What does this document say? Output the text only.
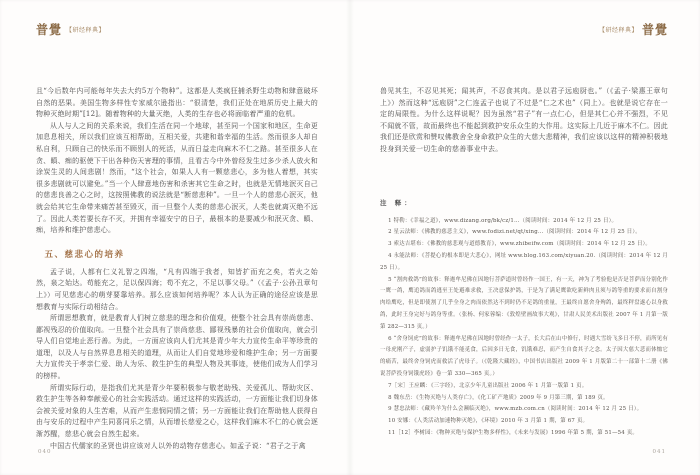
普覺 【研经释典】

且“今后数年内可能每年失去大约5万个物种”。这都是人类疯狂捕杀野生动物和肆意破坏自然的恶果。美国生物多样性专家威尔逊指出：“很清楚，我们正处在地质历史上最大的物种灭绝时期”[12]。随着物种的大量灭绝，人类的生存也必将面临着严重的危机。

从人与人之间的关系来说，我们生活在同一个地球，甚至同一个国家和地区，生命更加息息相关，所以我们应该互相帮助，互相关爱，共建和谐幸福的生活。然而很多人却自私自利，只顾自己的快乐而不顾别人的死活，从而日益走向麻木不仁之路。甚至很多人在贪、瞋、痴的驱使下干出各种伤天害理的事情，且看古今中外曾经发生过多少杀人放火和涂炭生灵的人间悲剧！然而，“这个社会，如果人人有一颗慈悲心，多为他人着想，其实很多悲剧就可以避免。”当一个人肆意地伤害和杀害其它生命之时，也就是无情地泯灭自己的慈悲良善之心之时，这按照佛教的说法就是“断慈悲种”。一旦一个人的慈悲心泯灭，他就会给其它生命带来痛苦甚至毁灭，而一旦整个人类的慈悲心泯灭，人类也就离灭绝不远了。因此人类若要长存不灭，并拥有幸福安宁的日子，最根本的是要减少和泯灭贪、瞋、痴，培养和维护慈悲心。

五、慈悲心的培养

孟子说，人都有仁义礼智之四端，“凡有四端于我者，知皆扩而充之矣，若火之始然，泉之始达。苟能充之，足以保四海；苟不充之，不足以事父母。”（《孟子·公孙丑章句上》）可见慈悲心的萌芽要靠培养。那么应该如何培养呢？本人认为正确的途径应该是思想教育与实际行动相结合。

所谓思想教育，就是教育人们树立慈悲的理念和价值观，使整个社会具有崇尚慈悲、鄙视残忍的价值取向。一旦整个社会具有了崇尚慈悲、鄙视残暴的社会价值取向，就会引导人们自觉地止恶行善。为此，一方面应该向人们尤其是青少年大力宣传生命平等珍贵的道理，以及人与自然界息息相关的道理，从而让人们自觉地珍爱和维护生命；另一方面要大力宣传关于孝亲仁爱、助人为乐、救生护生的典型人物及其事迹，使他们成为人们学习的榜样。

所谓实际行动，是指我们尤其是青少年要积极参与敬老助残、关爱孤儿、帮助灾区、救生护生等各种奉献爱心的社会实践活动。通过这样的实践活动，一方面能让我们切身体会被关爱对象的人生苦难，从而产生悲悯同情之情；另一方面能让我们在帮助他人获得自由与安乐的过程中产生同喜同乐之情，从而增长慈爱之心，这样我们麻木不仁的心就会逐渐苏醒，慈悲心就会自然生起来。

中国古代儒家的圣贤也讲应该对人以外的动物存慈悲心。如孟子说：“君子之于禽

040
【研经释典】 普覺

兽见其生，不忍见其死；闻其声，不忍食其肉。是以君子远庖厨也。”（《孟子·梁惠王章句上》）然而这种“远庖厨”之仁连孟子也说了不过是“仁之术也”（同上）。也就是说它存在一定的局限性。为什么这样说呢？因为虽然“君子”有一点仁心，但是其仁心并不强烈，不见不闻就不管，故而最终也不能起到救护安乐众生的大作用。这实际上几近于麻木不仁。因此我们还是欣赏和赞叹佛教舍全身命救护众生的大慈大悲精神，我们应该以这样的精神积极地投身到关爱一切生命的慈善事业中去。

注 释：

1 特勒：《幸福之道》，www.dizang.org/bk/cz/1…（阅读时间：2014 年 12 月 25 日）。

2 星云法师：《佛教的慈悲主义》，www.fodizi.net/qt/xing…（阅读时间：2014 年 12 月 25 日）。

3 索达吉堪布：《佛教的慈悲观与道德教育》，www.zhibeifw.com（阅读时间：2014 年 12 月 25 日）。

4 永能法师：《菩提心的根本即是大悲心》，网址 www.blog.163.com/xiyuan.20.（阅读时间：2014 年 12 月 25 日）。

5 “割肉救鸽”的故事：释迦牟尼佛在因地行菩萨道时曾经作一国王，有一天，神为了考验他是否是菩萨而分别化作一鹰一鸽，鹰追鸽而鸽逃至王处避难求救，王决意保护鸽，于是为了满足鹰欲吃新鲜肉且须与鸽等重的要求而自割身肉给鹰吃，但是即使割了几乎全身之肉而依然达不到时仍不足鸽的重量，王最终自愿舍身殉鸽，最终秤盘遂心以身救鸽，此时王身完好与鸽身等重。（张杨、何家蓉编：《敦煌壁画故事大观》，甘肃人民美术出版社 2007 年 1 月第一版第 282—315 页。）

6 “舍身饲虎”的故事：释迦牟尼佛在因地时曾经作一太子，长大后在山中修行，时遇大雪纷飞多日不停，而所见有一母虎刚产子，虚弱护子饥饿不能觅食，后因多日无食，饥饿难忍，而产生自食其子之念。太子因大慈大悲而体恤它的痛苦，最终舍身饲虎而救活了虎母子。（《乾隆大藏经》，中国书店出版社 2009 年 1 月版第二十一部第十二册《佛说菩萨投身饲饿虎经》卷一第 330—365 页。）

7［宋］王应麟：《三字经》，北京少年儿童出版社 2006 年 1 月第一版第 1 页。

8 魏东岳：《生物灭绝与人类存亡》，《化工矿产地质》2009 年 9 月第三期，第 189 页。

9 慧忠法师：《藏羚羊为什么会濒临灭绝》，www.mzb.com.cn（阅读时间：2014 年 12 月 25 日）。

10 安娜：《人类活动加速物种灭绝》，《环境》2010 年 3 月第 1 期，第 67 页。

11［12］李树园：《物种灭绝与保护生物多样性》，《未来与发展》1996 年第 5 期，第 51—54 页。

041
